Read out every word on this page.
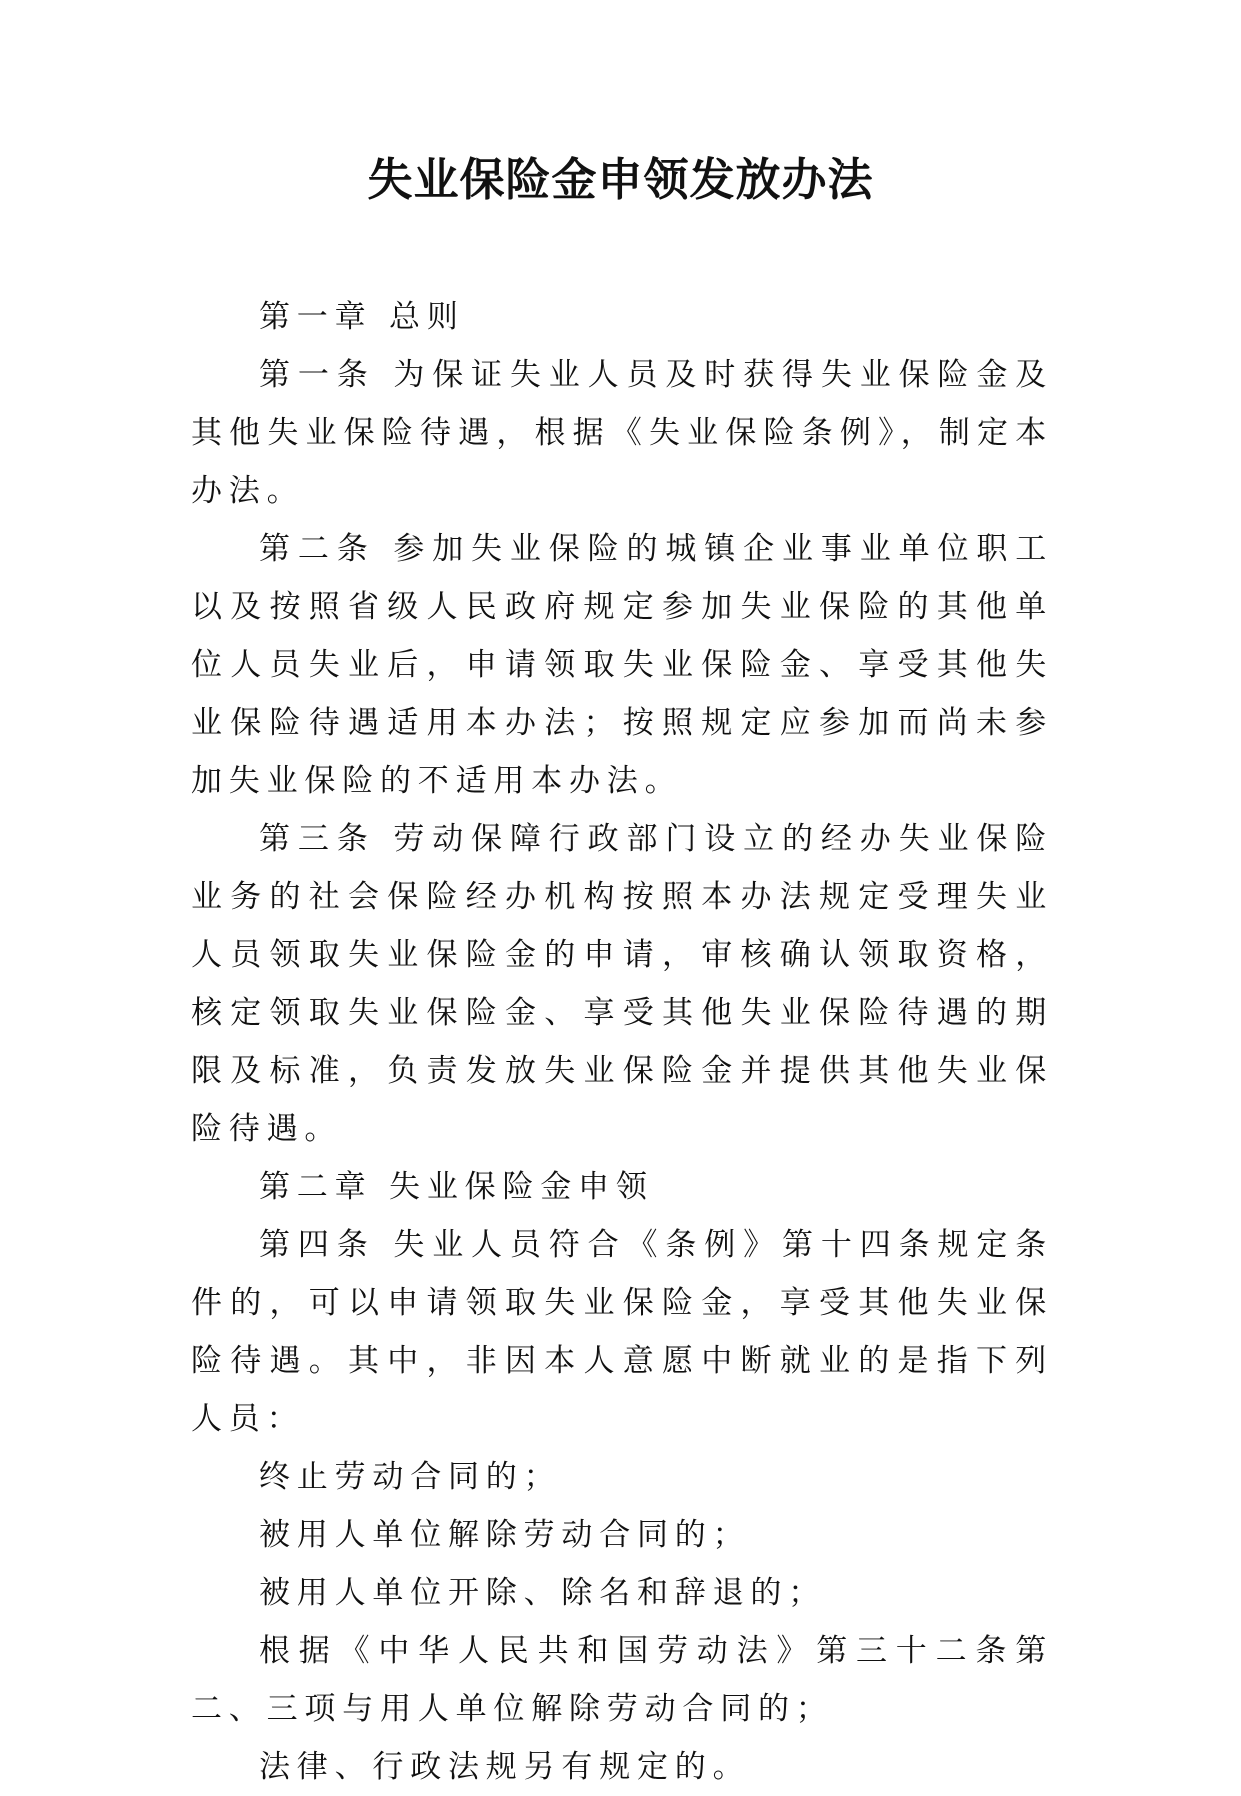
失业保险金申领发放办法

第一章 总则

第一条 为保证失业人员及时获得失业保险金及其他失业保险待遇，根据《失业保险条例》，制定本办法。

第二条 参加失业保险的城镇企业事业单位职工以及按照省级人民政府规定参加失业保险的其他单位人员失业后，申请领取失业保险金、享受其他失业保险待遇适用本办法；按照规定应参加而尚未参加失业保险的不适用本办法。

第三条 劳动保障行政部门设立的经办失业保险业务的社会保险经办机构按照本办法规定受理失业人员领取失业保险金的申请，审核确认领取资格，核定领取失业保险金、享受其他失业保险待遇的期限及标准，负责发放失业保险金并提供其他失业保险待遇。

第二章 失业保险金申领

第四条 失业人员符合《条例》第十四条规定条件的，可以申请领取失业保险金，享受其他失业保险待遇。其中，非因本人意愿中断就业的是指下列人员：

终止劳动合同的；

被用人单位解除劳动合同的；

被用人单位开除、除名和辞退的；

根据《中华人民共和国劳动法》第三十二条第二、三项与用人单位解除劳动合同的；

法律、行政法规另有规定的。
